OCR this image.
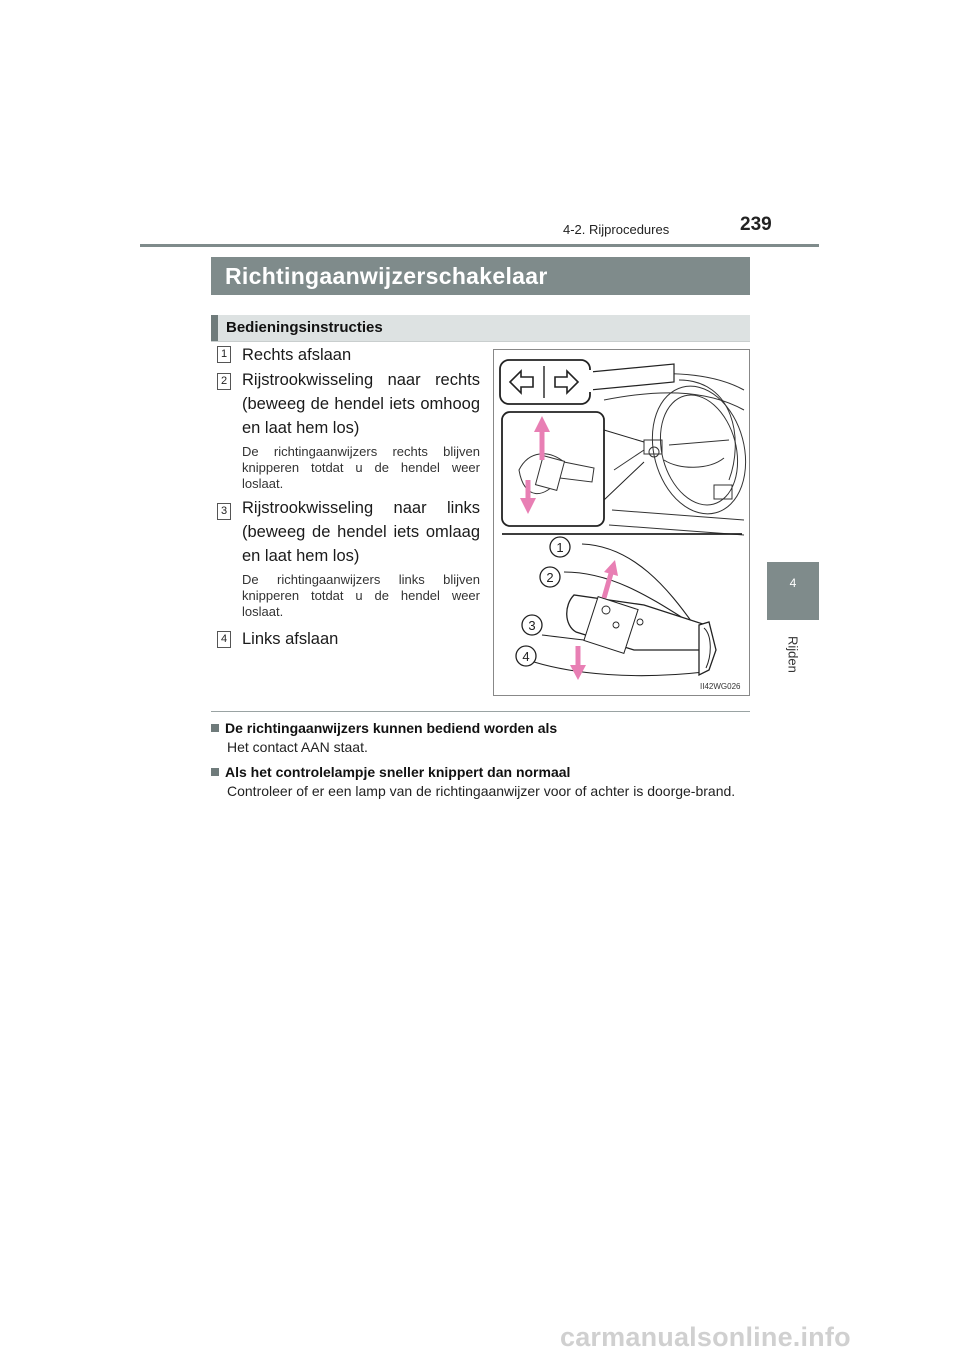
4-2. Rijprocedures	239
4
Rijden
Richtingaanwijzerschakelaar
Bedieningsinstructies
1 Rechts afslaan
2 Rijstrookwisseling naar rechts (beweeg de hendel iets omhoog en laat hem los)
De richtingaanwijzers rechts blijven knipperen totdat u de hendel weer loslaat.
3 Rijstrookwisseling naar links (beweeg de hendel iets omlaag en laat hem los)
De richtingaanwijzers links blijven knipperen totdat u de hendel weer loslaat.
4 Links afslaan
1
2
3
4
II42WG026
De richtingaanwijzers kunnen bediend worden als
Het contact AAN staat.
Als het controlelampje sneller knippert dan normaal
Controleer of er een lamp van de richtingaanwijzer voor of achter is doorge-brand.
carmanualsonline.info
